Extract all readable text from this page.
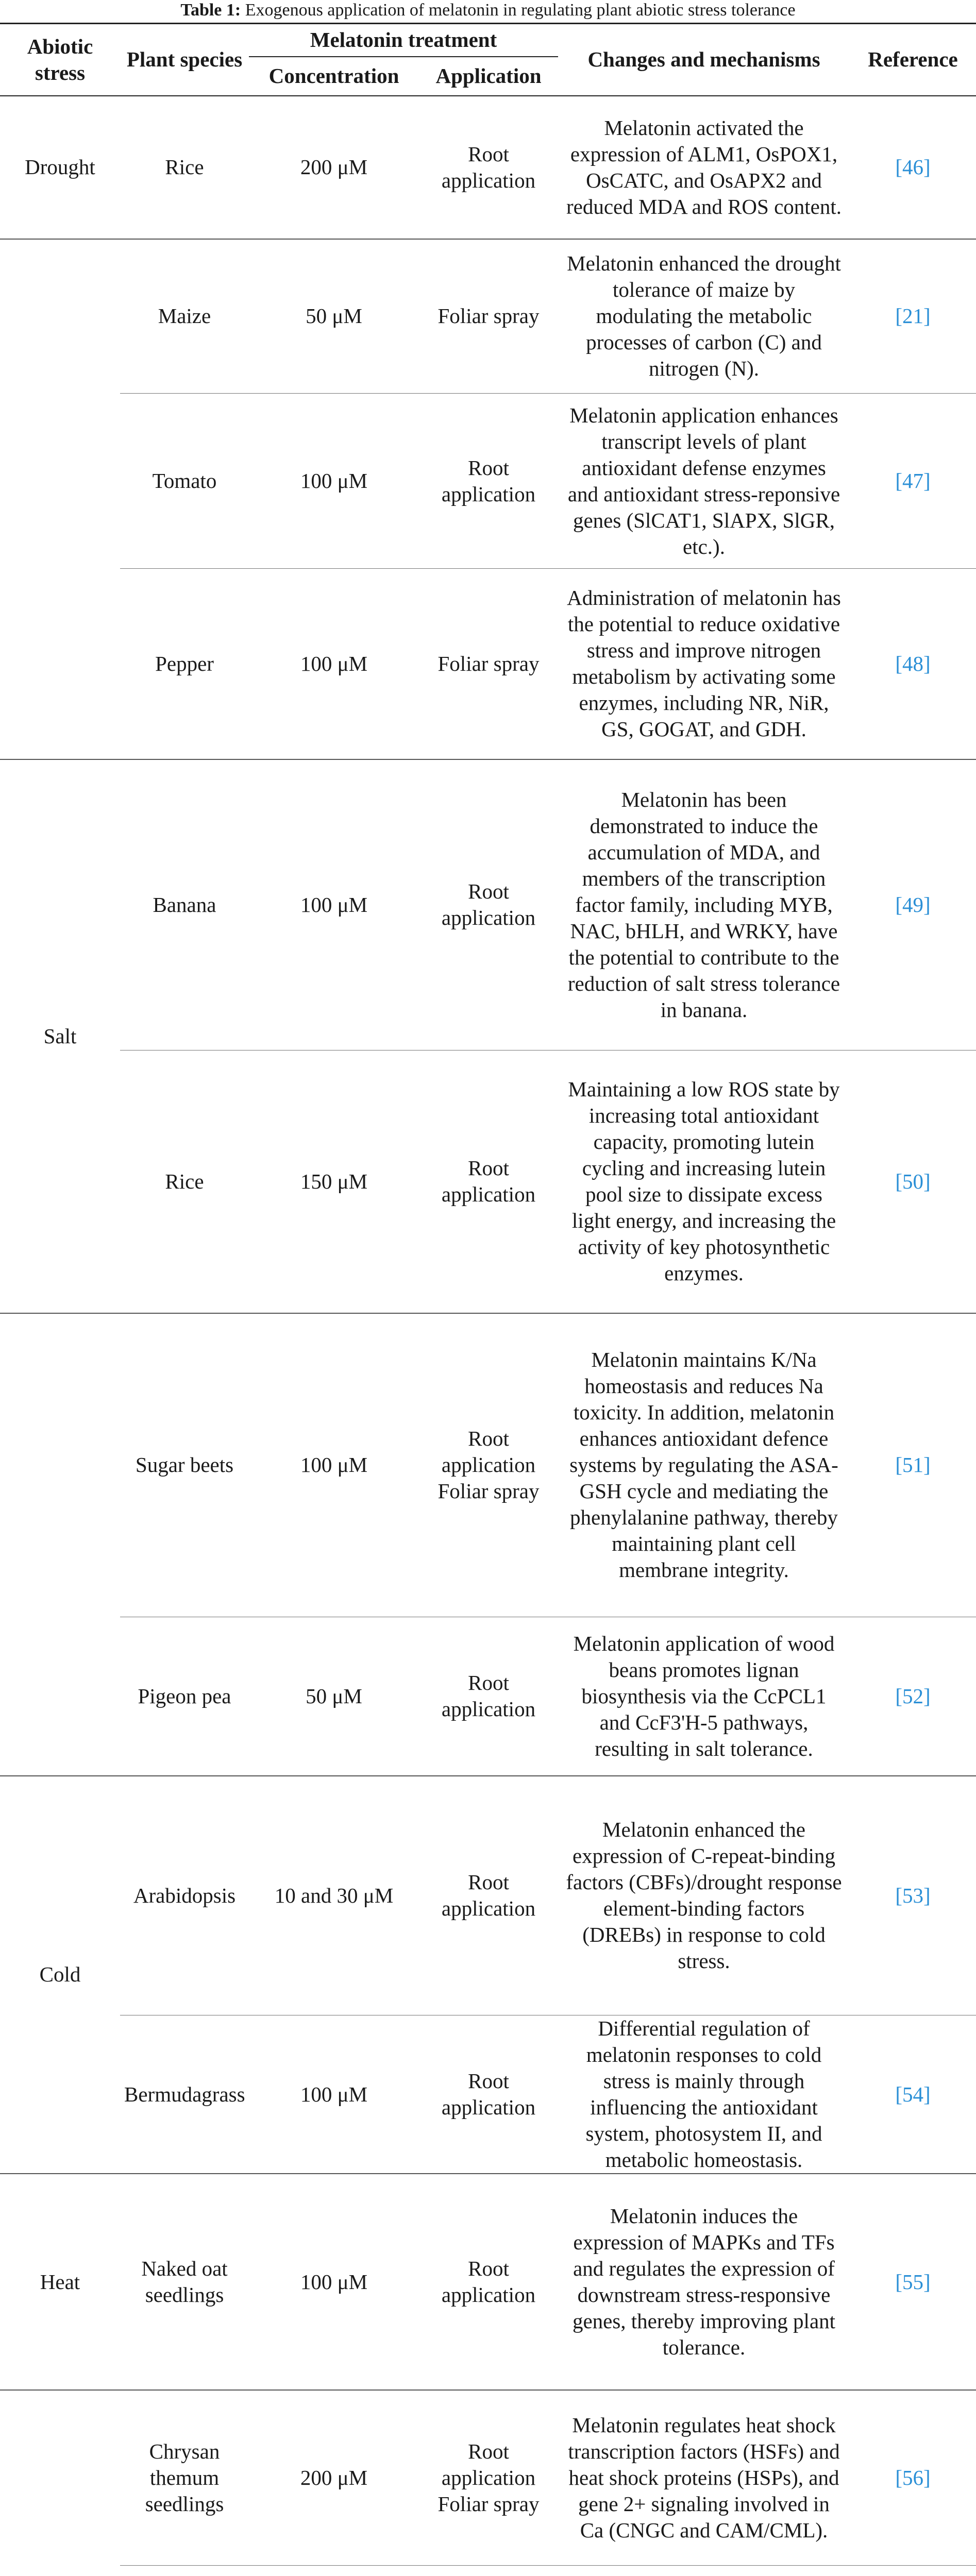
Table 1: Exogenous application of melatonin in regulating plant abiotic stress tolerance
Abiotic stress	Plant species	Melatonin treatment		Changes and mechanisms	Reference
		Concentration	Application		
Drought	Rice	200 μM	Root application	Melatonin activated the expression of ALM1, OsPOX1, OsCATC, and OsAPX2 and reduced MDA and ROS content.	[46]
	Maize	50 μM	Foliar spray	Melatonin enhanced the drought tolerance of maize by modulating the metabolic processes of carbon (C) and nitrogen (N).	[21]
	Tomato	100 μM	Root application	Melatonin application enhances transcript levels of plant antioxidant defense enzymes and antioxidant stress-reponsive genes (SlCAT1, SlAPX, SlGR, etc.).	[47]
	Pepper	100 μM	Foliar spray	Administration of melatonin has the potential to reduce oxidative stress and improve nitrogen metabolism by activating some enzymes, including NR, NiR, GS, GOGAT, and GDH.	[48]
Salt	Banana	100 μM	Root application	Melatonin has been demonstrated to induce the accumulation of MDA, and members of the transcription factor family, including MYB, NAC, bHLH, and WRKY, have the potential to contribute to the reduction of salt stress tolerance in banana.	[49]
	Rice	150 μM	Root application	Maintaining a low ROS state by increasing total antioxidant capacity, promoting lutein cycling and increasing lutein pool size to dissipate excess light energy, and increasing the activity of key photosynthetic enzymes.	[50]
	Sugar beets	100 μM	Root application Foliar spray	Melatonin maintains K/Na homeostasis and reduces Na toxicity. In addition, melatonin enhances antioxidant defence systems by regulating the ASA-GSH cycle and mediating the phenylalanine pathway, thereby maintaining plant cell membrane integrity.	[51]
	Pigeon pea	50 μM	Root application	Melatonin application of wood beans promotes lignan biosynthesis via the CcPCL1 and CcF3'H-5 pathways, resulting in salt tolerance.	[52]
Cold	Arabidopsis	10 and 30 μM	Root application	Melatonin enhanced the expression of C-repeat-binding factors (CBFs)/drought response element-binding factors (DREBs) in response to cold stress.	[53]
	Bermudagrass	100 μM	Root application	Differential regulation of melatonin responses to cold stress is mainly through influencing the antioxidant system, photosystem II, and metabolic homeostasis.	[54]
Heat	Naked oat seedlings	100 μM	Root application	Melatonin induces the expression of MAPKs and TFs and regulates the expression of downstream stress-responsive genes, thereby improving plant tolerance.	[55]
	Chrysan themum seedlings	200 μM	Root application Foliar spray	Melatonin regulates heat shock transcription factors (HSFs) and heat shock proteins (HSPs), and gene 2+ signaling involved in Ca (CNGC and CAM/CML).	[56]
